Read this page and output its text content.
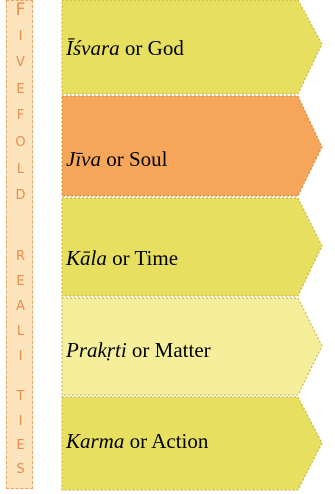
F
I
V
E
F
O
L
D
R
E
A
L
I
T
I
E
S
Īśvara or God
Jīva or Soul
Kāla or Time
Prakṛti or Matter
Karma or Action
